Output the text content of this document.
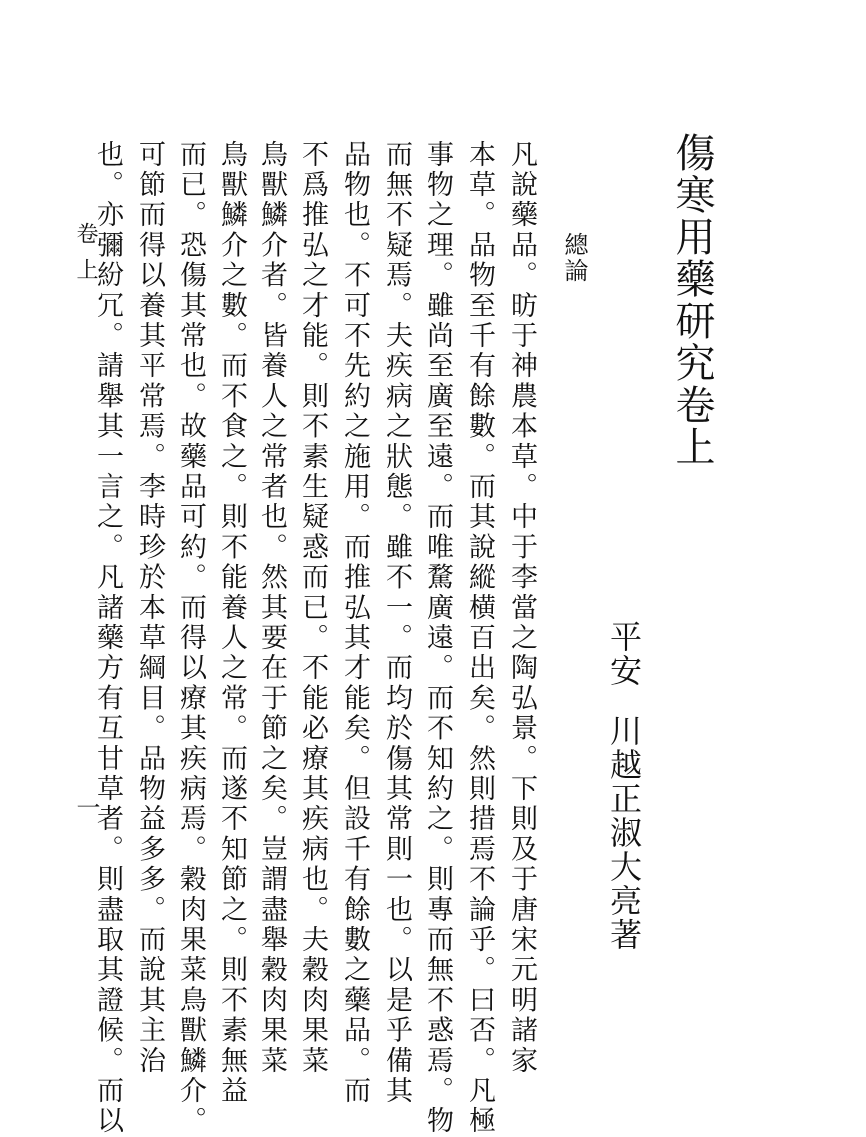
傷寒用藥研究卷上
平安川越正淑大亮著
總論
凡說藥品。昉于神農本草。中于李當之陶弘景。下則及于唐宋元明諸家
本草。品物至千有餘數。而其說縱横百出矣。然則措焉不論乎。曰否。凡極
事物之理。雖尚至廣至遠。而唯騖廣遠。而不知約之。則專而無不惑焉。物
而無不疑焉。夫疾病之狀態。雖不一。而均於傷其常則一也。以是乎備其
品物也。不可不先約之施用。而推弘其才能矣。但設千有餘數之藥品。而
不爲推弘之才能。則不素生疑惑而已。不能必療其疾病也。夫穀肉果菜
鳥獸鱗介者。皆養人之常者也。然其要在于節之矣。豈謂盡舉穀肉果菜
鳥獸鱗介之數。而不食之。則不能養人之常。而遂不知節之。則不素無益
而已。恐傷其常也。故藥品可約。而得以療其疾病焉。穀肉果菜鳥獸鱗介。
可節而得以養其平常焉。李時珍於本草綱目。品物益多多。而說其主治
也。亦彌紛冗。請舉其一言之。凡諸藥方有互甘草者。則盡取其證候。而以
卷上
一
